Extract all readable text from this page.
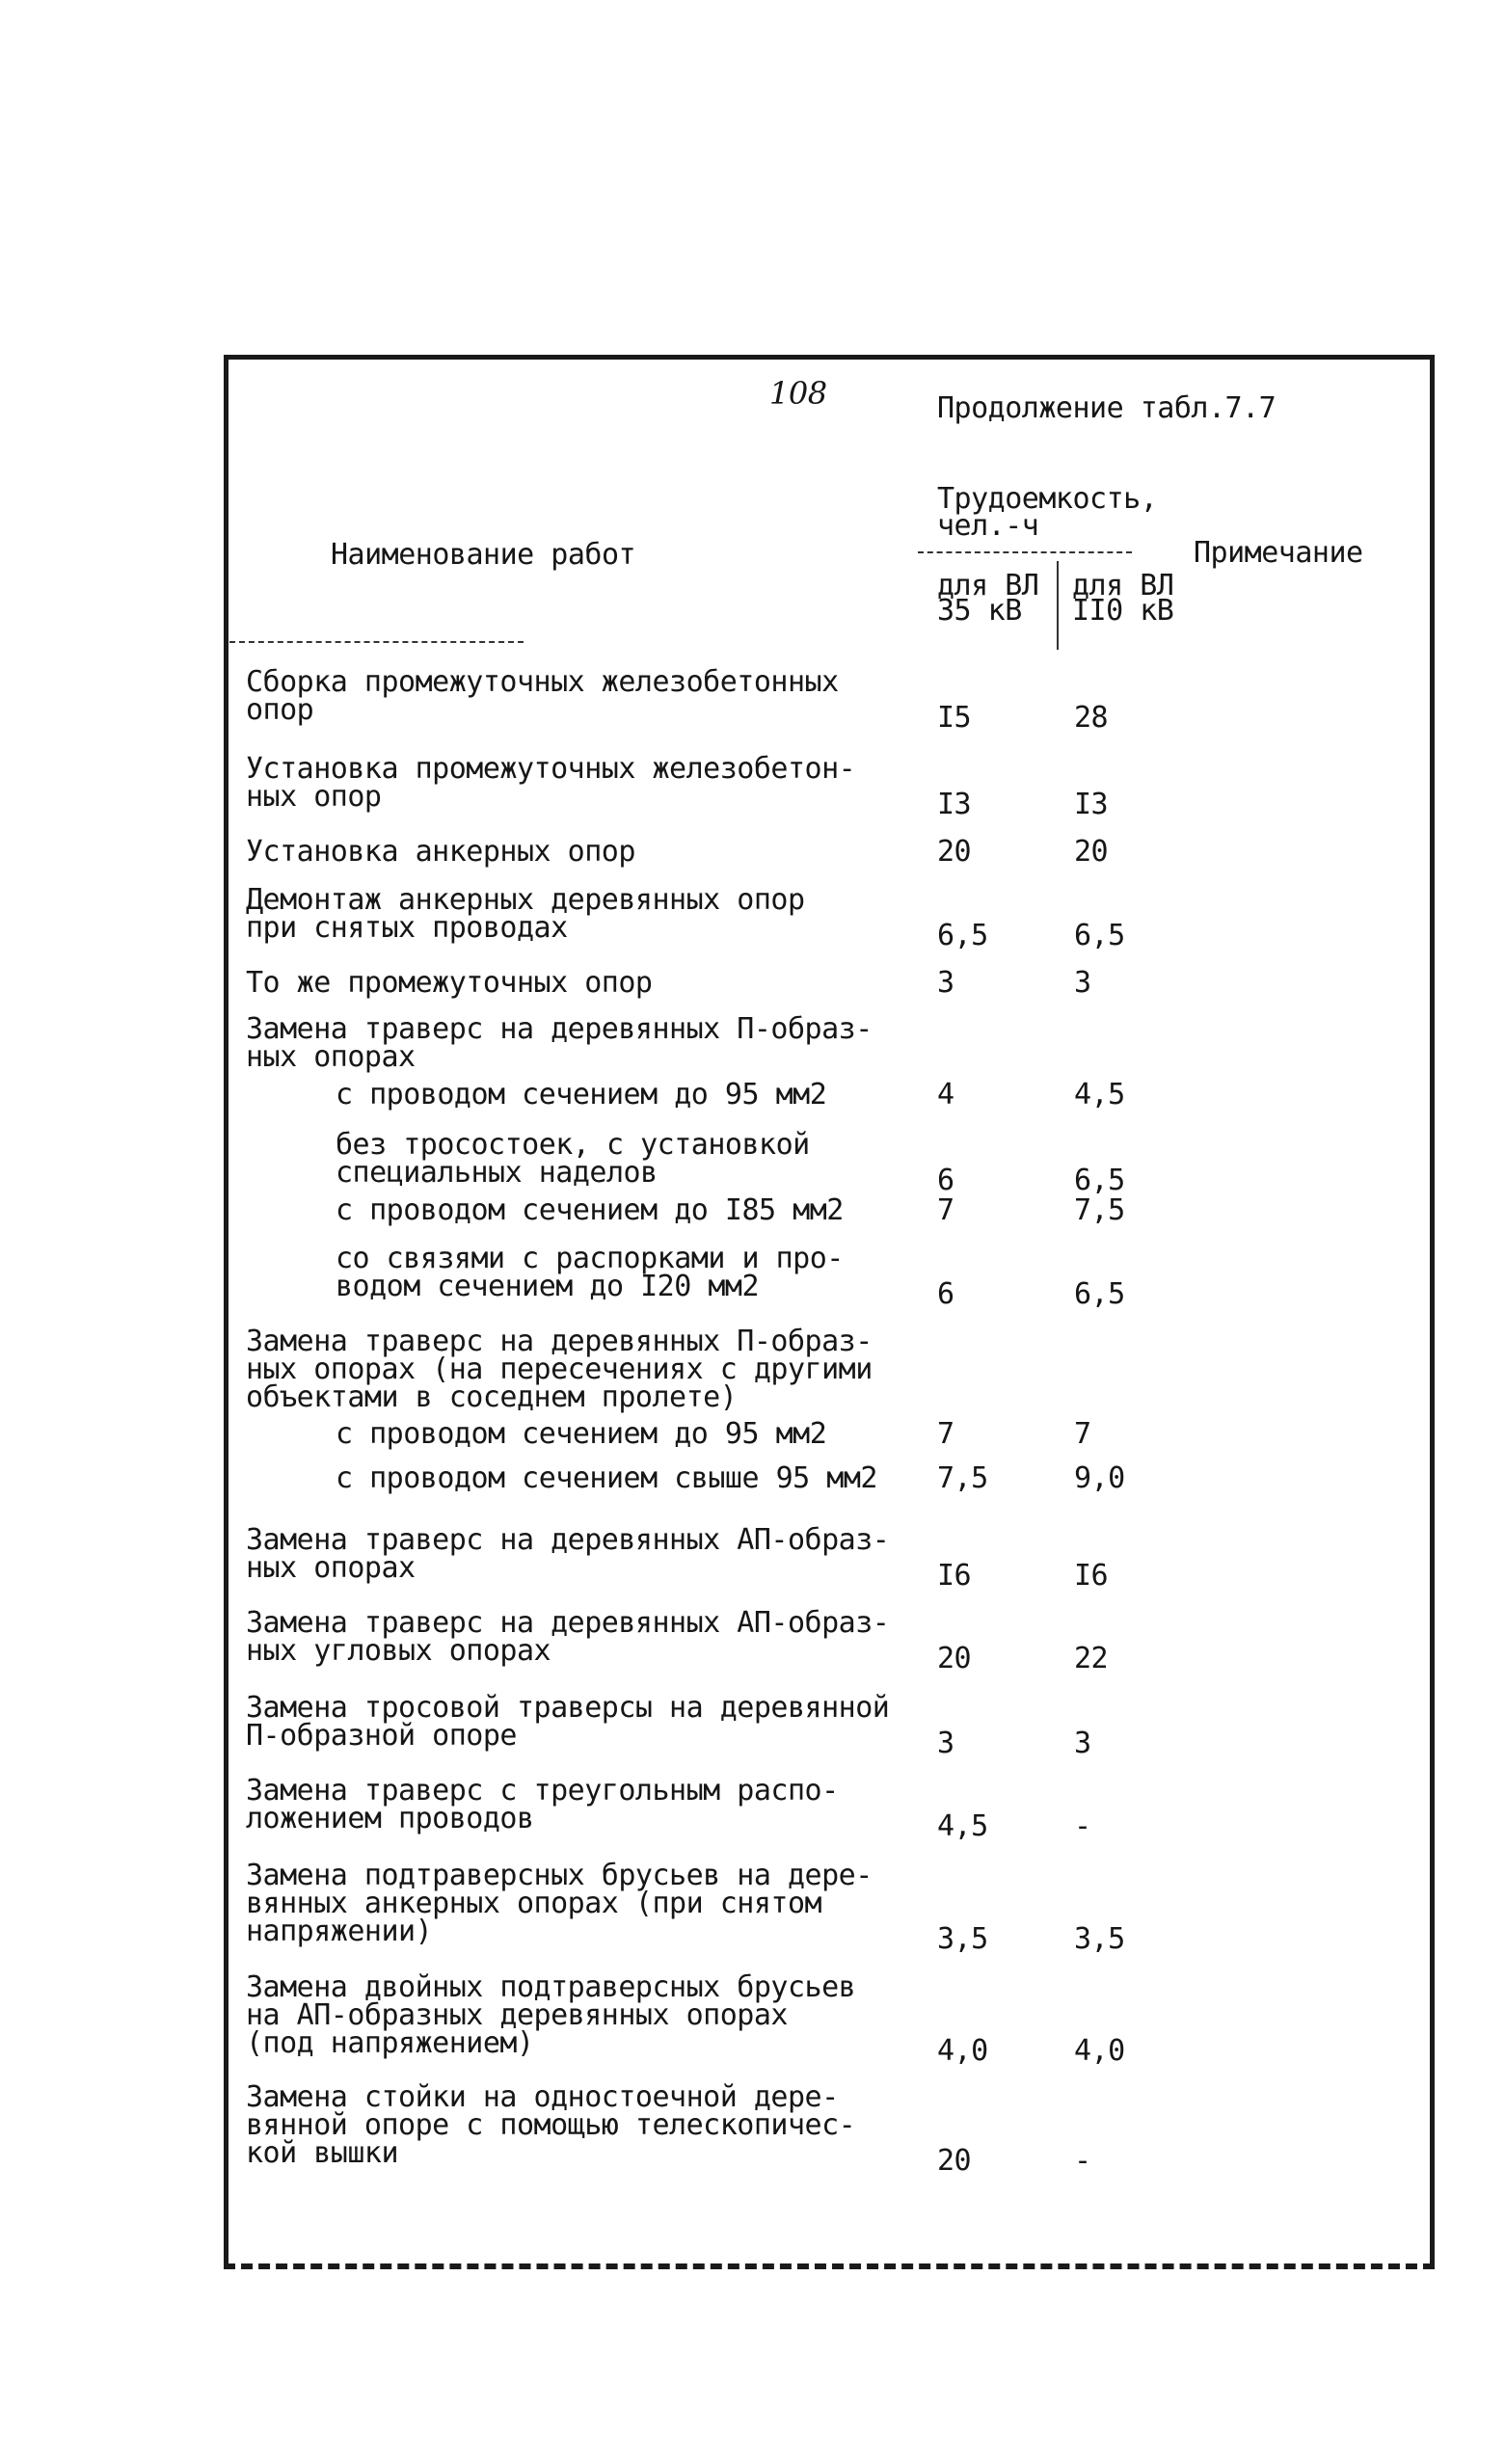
108	Продолжение табл.7.7
Наименование работ
Трудоемкость,
чел.-ч
Примечание
для ВЛ
35 кВ
для ВЛ
II0 кВ
Сборка промежуточных железобетонных
опор	I5	28
Установка промежуточных железобетон-
ных опор	I3	I3
Установка анкерных опор	20	20
Демонтаж анкерных деревянных опор
при снятых проводах	6,5	6,5
То же промежуточных опор	3	3
Замена траверс на деревянных П-образ-
ных опорах
с проводом сечением до 95 мм2	4	4,5
без тросостоек, с установкой
специальных наделов	6	6,5
с проводом сечением до I85 мм2	7	7,5
со связями с распорками и про-
водом сечением до I20 мм2	6	6,5
Замена траверс на деревянных П-образ-
ных опорах (на пересечениях с другими
объектами в соседнем пролете)
с проводом сечением до 95 мм2	7	7
с проводом сечением свыше 95 мм2 7,5	9,0
Замена траверс на деревянных АП-образ-
ных опорах	I6	I6
Замена траверс на деревянных АП-образ-
ных угловых опорах	20	22
Замена тросовой траверсы на деревянной
П-образной опоре	3	3
Замена траверс с треугольным распо-
ложением проводов	4,5	-
Замена подтраверсных брусьев на дере-
вянных анкерных опорах (при снятом
напряжении)	3,5	3,5
Замена двойных подтраверсных брусьев
на АП-образных деревянных опорах
(под напряжением)	4,0	4,0
Замена стойки на одностоечной дере-
вянной опоре с помощью телескопичес-
кой вышки	20	-
